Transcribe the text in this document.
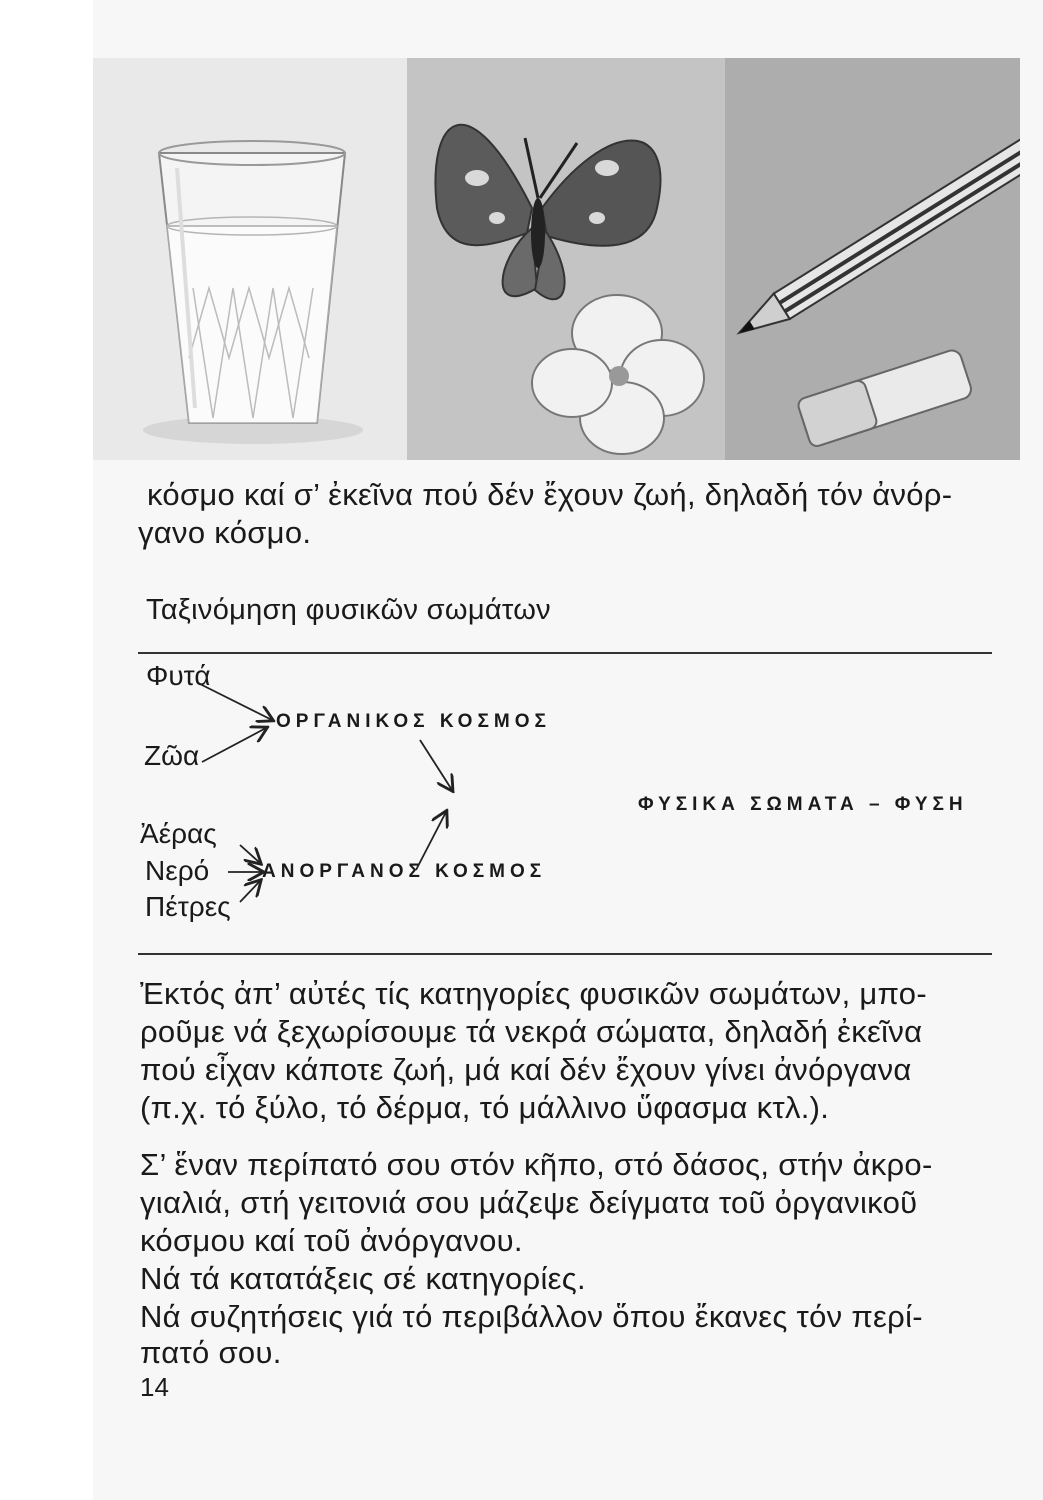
κόσμο καί σ’ ἐκεῖνα πού δέν ἔχουν ζωή, δηλαδή τόν ἀνόρ-
γανο κόσμο.
Ταξινόμηση φυσικῶν σωμάτων
Φυτά
Ζῶα
ΟΡΓΑΝΙΚΟΣ ΚΟΣΜΟΣ
ΦΥΣΙΚΑ ΣΩΜΑΤΑ – ΦΥΣΗ
Ἀέρας
Νερό
Πέτρες
ΑΝΟΡΓΑΝΟΣ ΚΟΣΜΟΣ
Ἐκτός ἀπ’ αὐτές τίς κατηγορίες φυσικῶν σωμάτων, μπο-
ροῦμε νά ξεχωρίσουμε τά νεκρά σώματα, δηλαδή ἐκεῖνα
πού εἶχαν κάποτε ζωή, μά καί δέν ἔχουν γίνει ἀνόργανα
(π.χ. τό ξύλο, τό δέρμα, τό μάλλινο ὕφασμα κτλ.).
Σ’ ἕναν περίπατό σου στόν κῆπο, στό δάσος, στήν ἀκρο-
γιαλιά, στή γειτονιά σου μάζεψε δείγματα τοῦ ὀργανικοῦ
κόσμου καί τοῦ ἀνόργανου.
Νά τά κατατάξεις σέ κατηγορίες.
Νά συζητήσεις γιά τό περιβάλλον ὅπου ἔκανες τόν περί-
πατό σου.
14
